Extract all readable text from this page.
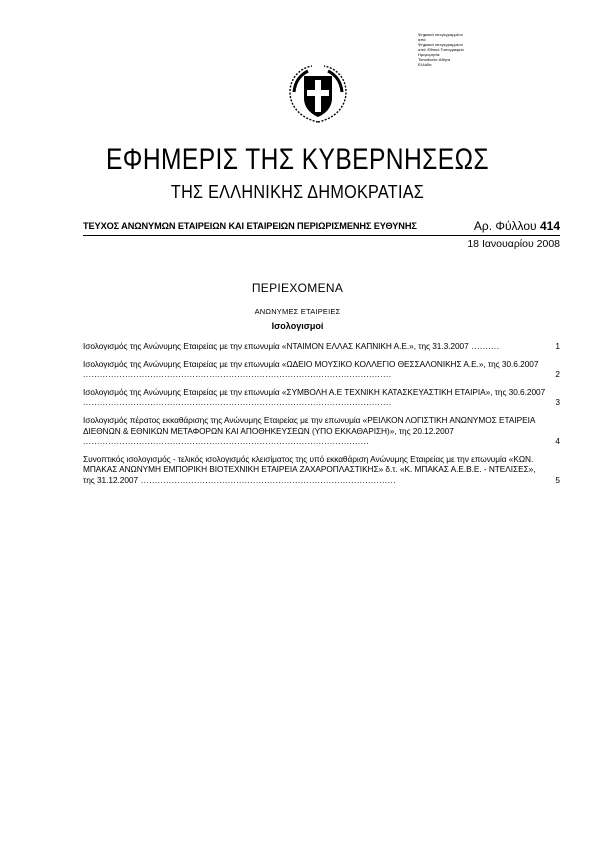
Ψηφιακά υπογεγραμμένο
από:
Ψηφιακά υπογεγραμμένο
από: Εθνικό Τυπογραφείο
Ημερομηνία:
Τοποθεσία: Αθήνα
Ελλάδα
ΕΦΗΜΕΡΙΣ ΤΗΣ ΚΥΒΕΡΝΗΣΕΩΣ
ΤΗΣ ΕΛΛΗΝΙΚΗΣ ΔΗΜΟΚΡΑΤΙΑΣ
ΤΕΥΧΟΣ ΑΝΩΝΥΜΩΝ ΕΤΑΙΡΕΙΩΝ ΚΑΙ ΕΤΑΙΡΕΙΩΝ ΠΕΡΙΩΡΙΣΜΕΝΗΣ ΕΥΘΥΝΗΣ	Αρ. Φύλλου 414
18 Ιανουαρίου 2008
ΠΕΡΙΕΧΟΜΕΝΑ
ΑΝΩΝΥΜΕΣ ΕΤΑΙΡΕΙΕΣ
Ισολογισμοί
Ισολογισμός της Ανώνυμης Εταιρείας με την επωνυμία «ΝΤΑΙΜΟΝ ΕΛΛΑΣ ΚΑΠΝΙΚΗ Α.Ε.», της 31.3.2007 ..........	1
Ισολογισμός της Ανώνυμης Εταιρείας με την επωνυμία «ΩΔΕΙΟ ΜΟΥΣΙΚΟ ΚΟΛΛΕΓΙΟ ΘΕΣΣΑΛΟΝΙΚΗΣ Α.Ε.», της 30.6.2007 ..............................................................................................................	2
Ισολογισμός της Ανώνυμης Εταιρείας με την επωνυμία «ΣΥΜΒΟΛΗ Α.Ε ΤΕΧΝΙΚΗ ΚΑΤΑΣΚΕΥΑΣΤΙΚΗ ΕΤΑΙΡΙΑ», της 30.6.2007 ..............................................................................................................	3
Ισολογισμός πέρατος εκκαθάρισης της Ανώνυμης Εταιρείας με την επωνυμία «ΡΕΙΛΚΟΝ ΛΟΓΙΣΤΙΚΗ ΑΝΩΝΥΜΟΣ ΕΤΑΙΡΕΙΑ ΔΙΕΘΝΩΝ & ΕΘΝΙΚΩΝ ΜΕΤΑΦΟΡΩΝ ΚΑΙ ΑΠΟΘΗΚΕΥΣΕΩΝ (ΥΠΟ ΕΚΚΑΘΑΡΙΣΗ)», της 20.12.2007 ......................................................................................................	4
Συνοπτικός ισολογισμός - τελικός ισολογισμός κλεισίματος της υπό εκκαθάριση Ανώνυμης Εταιρείας με την επωνυμία «ΚΩΝ. ΜΠΑΚΑΣ ΑΝΩΝΥΜΗ ΕΜΠΟΡΙΚΗ ΒΙΟΤΕΧΝΙΚΗ ΕΤΑΙΡΕΙΑ ΖΑΧΑΡΟΠΛΑΣΤΙΚΗΣ» δ.τ. «Κ. ΜΠΑΚΑΣ Α.Ε.Β.Ε. - ΝΤΕΛΙΣΕΣ», της 31.12.2007 ...........................................................................................	5
